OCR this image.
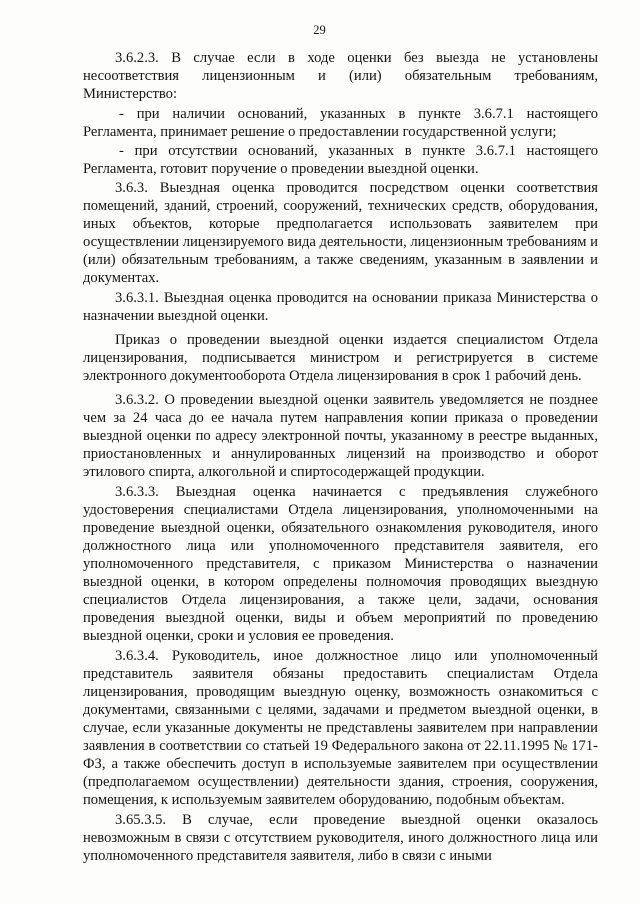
29

3.6.2.3. В случае если в ходе оценки без выезда не установлены несоответствия лицензионным и (или) обязательным требованиям, Министерство:

- при наличии оснований, указанных в пункте 3.6.7.1 настоящего Регламента, принимает решение о предоставлении государственной услуги;

- при отсутствии оснований, указанных в пункте 3.6.7.1 настоящего Регламента, готовит поручение о проведении выездной оценки.

3.6.3. Выездная оценка проводится посредством оценки соответствия помещений, зданий, строений, сооружений, технических средств, оборудования, иных объектов, которые предполагается использовать заявителем при осуществлении лицензируемого вида деятельности, лицензионным требованиям и (или) обязательным требованиям, а также сведениям, указанным в заявлении и документах.

3.6.3.1. Выездная оценка проводится на основании приказа Министерства о назначении выездной оценки.

Приказ о проведении выездной оценки издается специалистом Отдела лицензирования, подписывается министром и регистрируется в системе электронного документооборота Отдела лицензирования в срок 1 рабочий день.

3.6.3.2. О проведении выездной оценки заявитель уведомляется не позднее чем за 24 часа до ее начала путем направления копии приказа о проведении выездной оценки по адресу электронной почты, указанному в реестре выданных, приостановленных и аннулированных лицензий на производство и оборот этилового спирта, алкогольной и спиртосодержащей продукции.

3.6.3.3. Выездная оценка начинается с предъявления служебного удостоверения специалистами Отдела лицензирования, уполномоченными на проведение выездной оценки, обязательного ознакомления руководителя, иного должностного лица или уполномоченного представителя заявителя, его уполномоченного представителя, с приказом Министерства о назначении выездной оценки, в котором определены полномочия проводящих выездную специалистов Отдела лицензирования, а также цели, задачи, основания проведения выездной оценки, виды и объем мероприятий по проведению выездной оценки, сроки и условия ее проведения.

3.6.3.4. Руководитель, иное должностное лицо или уполномоченный представитель заявителя обязаны предоставить специалистам Отдела лицензирования, проводящим выездную оценку, возможность ознакомиться с документами, связанными с целями, задачами и предметом выездной оценки, в случае, если указанные документы не представлены заявителем при направлении заявления в соответствии со статьей 19 Федерального закона от 22.11.1995 № 171-ФЗ, а также обеспечить доступ в используемые заявителем при осуществлении (предполагаемом осуществлении) деятельности здания, строения, сооружения, помещения, к используемым заявителем оборудованию, подобным объектам.

3.65.3.5. В случае, если проведение выездной оценки оказалось невозможным в связи с отсутствием руководителя, иного должностного лица или уполномоченного представителя заявителя, либо в связи с иными
